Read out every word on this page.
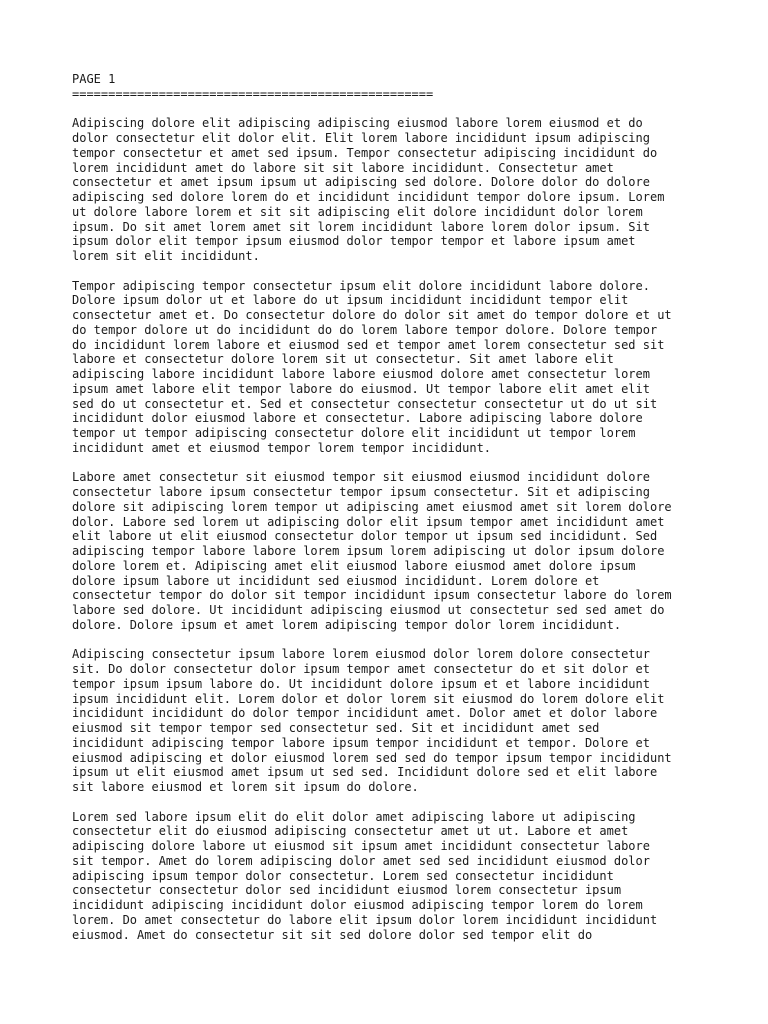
PAGE 1

==================================================

Adipiscing dolore elit adipiscing adipiscing eiusmod labore lorem eiusmod et do
dolor consectetur elit dolor elit. Elit lorem labore incididunt ipsum adipiscing
tempor consectetur et amet sed ipsum. Tempor consectetur adipiscing incididunt do
lorem incididunt amet do labore sit sit labore incididunt. Consectetur amet
consectetur et amet ipsum ipsum ut adipiscing sed dolore. Dolore dolor do dolore
adipiscing sed dolore lorem do et incididunt incididunt tempor dolore ipsum. Lorem
ut dolore labore lorem et sit sit adipiscing elit dolore incididunt dolor lorem
ipsum. Do sit amet lorem amet sit lorem incididunt labore lorem dolor ipsum. Sit
ipsum dolor elit tempor ipsum eiusmod dolor tempor tempor et labore ipsum amet
lorem sit elit incididunt.

Tempor adipiscing tempor consectetur ipsum elit dolore incididunt labore dolore.
Dolore ipsum dolor ut et labore do ut ipsum incididunt incididunt tempor elit
consectetur amet et. Do consectetur dolore do dolor sit amet do tempor dolore et ut
do tempor dolore ut do incididunt do do lorem labore tempor dolore. Dolore tempor
do incididunt lorem labore et eiusmod sed et tempor amet lorem consectetur sed sit
labore et consectetur dolore lorem sit ut consectetur. Sit amet labore elit
adipiscing labore incididunt labore labore eiusmod dolore amet consectetur lorem
ipsum amet labore elit tempor labore do eiusmod. Ut tempor labore elit amet elit
sed do ut consectetur et. Sed et consectetur consectetur consectetur ut do ut sit
incididunt dolor eiusmod labore et consectetur. Labore adipiscing labore dolore
tempor ut tempor adipiscing consectetur dolore elit incididunt ut tempor lorem
incididunt amet et eiusmod tempor lorem tempor incididunt.

Labore amet consectetur sit eiusmod tempor sit eiusmod eiusmod incididunt dolore
consectetur labore ipsum consectetur tempor ipsum consectetur. Sit et adipiscing
dolore sit adipiscing lorem tempor ut adipiscing amet eiusmod amet sit lorem dolore
dolor. Labore sed lorem ut adipiscing dolor elit ipsum tempor amet incididunt amet
elit labore ut elit eiusmod consectetur dolor tempor ut ipsum sed incididunt. Sed
adipiscing tempor labore labore lorem ipsum lorem adipiscing ut dolor ipsum dolore
dolore lorem et. Adipiscing amet elit eiusmod labore eiusmod amet dolore ipsum
dolore ipsum labore ut incididunt sed eiusmod incididunt. Lorem dolore et
consectetur tempor do dolor sit tempor incididunt ipsum consectetur labore do lorem
labore sed dolore. Ut incididunt adipiscing eiusmod ut consectetur sed sed amet do
dolore. Dolore ipsum et amet lorem adipiscing tempor dolor lorem incididunt.

Adipiscing consectetur ipsum labore lorem eiusmod dolor lorem dolore consectetur
sit. Do dolor consectetur dolor ipsum tempor amet consectetur do et sit dolor et
tempor ipsum ipsum labore do. Ut incididunt dolore ipsum et et labore incididunt
ipsum incididunt elit. Lorem dolor et dolor lorem sit eiusmod do lorem dolore elit
incididunt incididunt do dolor tempor incididunt amet. Dolor amet et dolor labore
eiusmod sit tempor tempor sed consectetur sed. Sit et incididunt amet sed
incididunt adipiscing tempor labore ipsum tempor incididunt et tempor. Dolore et
eiusmod adipiscing et dolor eiusmod lorem sed sed do tempor ipsum tempor incididunt
ipsum ut elit eiusmod amet ipsum ut sed sed. Incididunt dolore sed et elit labore
sit labore eiusmod et lorem sit ipsum do dolore.

Lorem sed labore ipsum elit do elit dolor amet adipiscing labore ut adipiscing
consectetur elit do eiusmod adipiscing consectetur amet ut ut. Labore et amet
adipiscing dolore labore ut eiusmod sit ipsum amet incididunt consectetur labore
sit tempor. Amet do lorem adipiscing dolor amet sed sed incididunt eiusmod dolor
adipiscing ipsum tempor dolor consectetur. Lorem sed consectetur incididunt
consectetur consectetur dolor sed incididunt eiusmod lorem consectetur ipsum
incididunt adipiscing incididunt dolor eiusmod adipiscing tempor lorem do lorem
lorem. Do amet consectetur do labore elit ipsum dolor lorem incididunt incididunt
eiusmod. Amet do consectetur sit sit sed dolore dolor sed tempor elit do
